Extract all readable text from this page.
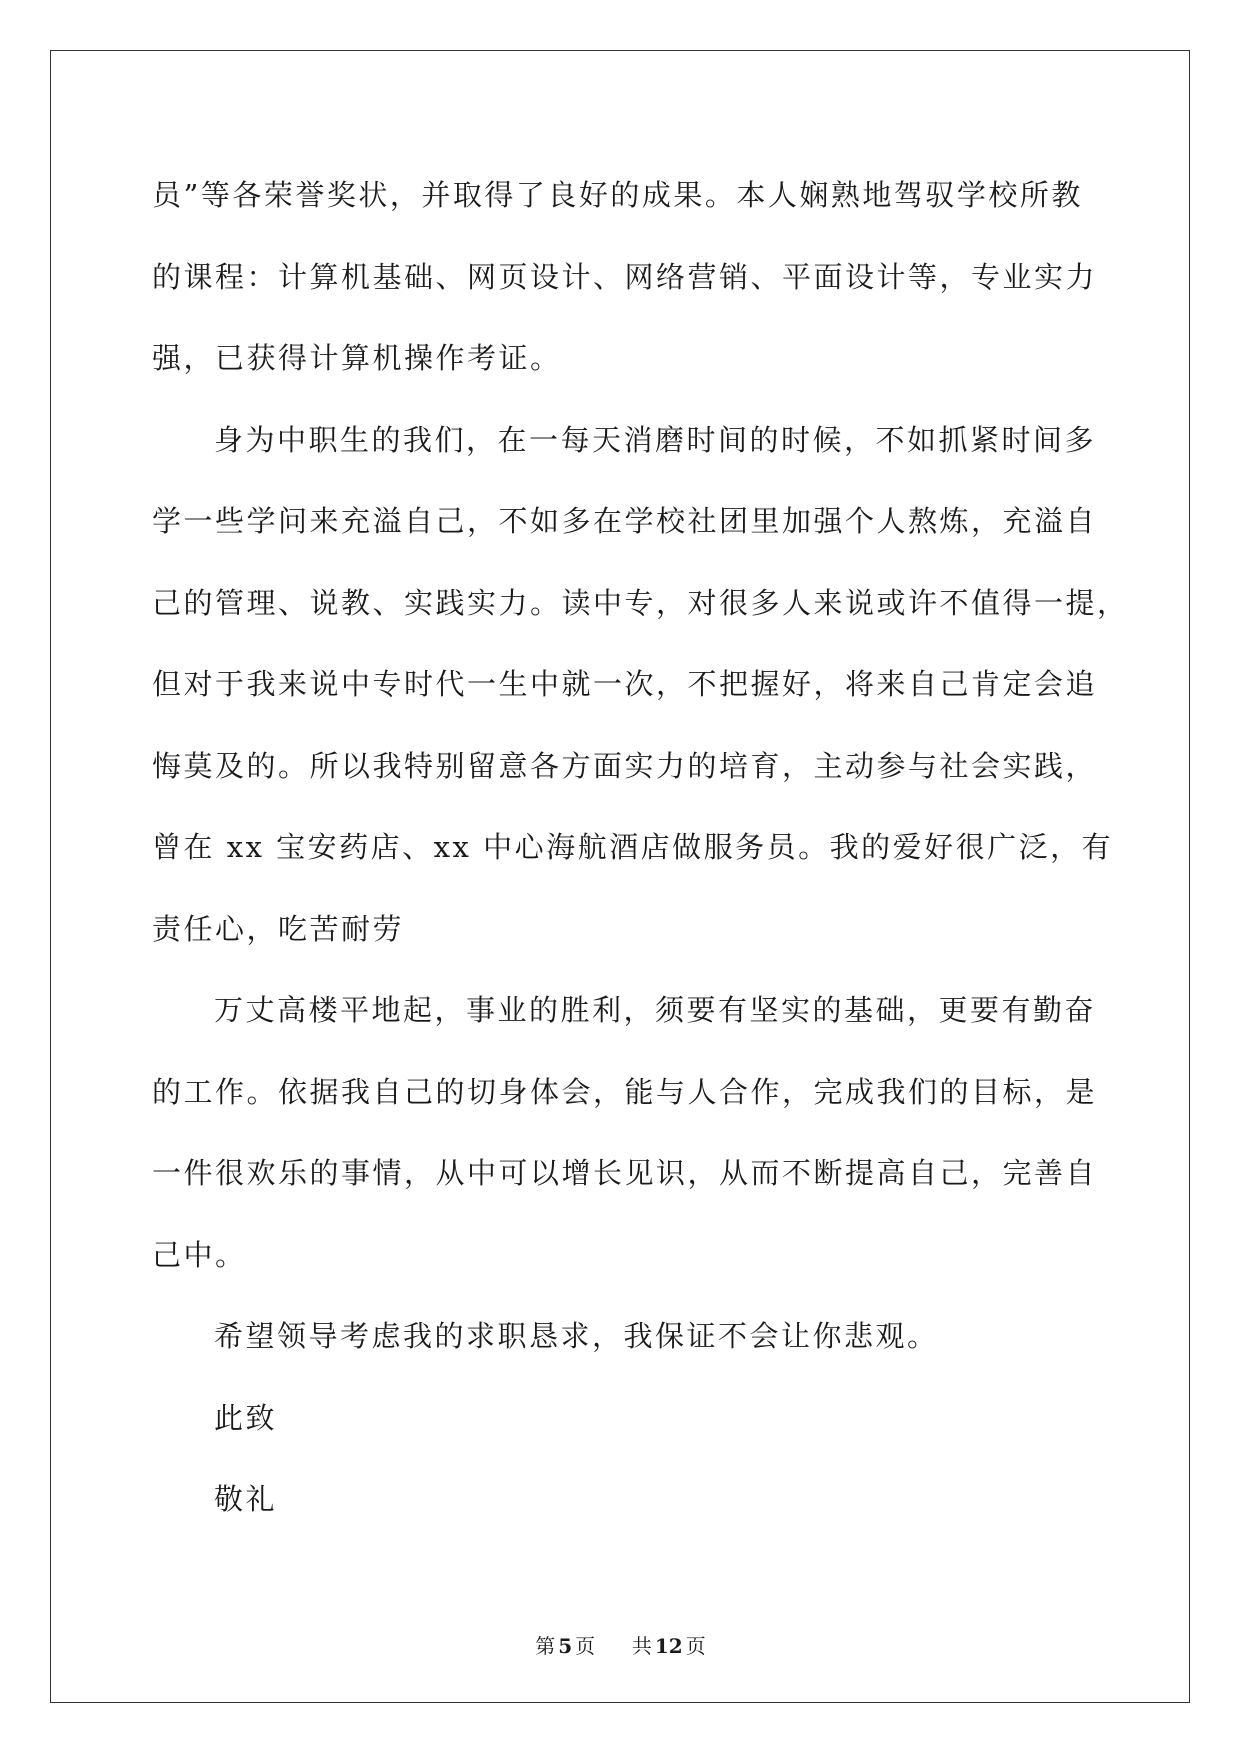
员”等各荣誉奖状，并取得了良好的成果。本人娴熟地驾驭学校所教
的课程：计算机基础、网页设计、网络营销、平面设计等，专业实力
强，已获得计算机操作考证。
身为中职生的我们，在一每天消磨时间的时候，不如抓紧时间多
学一些学问来充溢自己，不如多在学校社团里加强个人熬炼，充溢自
己的管理、说教、实践实力。读中专，对很多人来说或许不值得一提，
但对于我来说中专时代一生中就一次，不把握好，将来自己肯定会追
悔莫及的。所以我特别留意各方面实力的培育，主动参与社会实践，
曾在 xx 宝安药店、xx 中心海航酒店做服务员。我的爱好很广泛，有
责任心，吃苦耐劳
万丈高楼平地起，事业的胜利，须要有坚实的基础，更要有勤奋
的工作。依据我自己的切身体会，能与人合作，完成我们的目标，是
一件很欢乐的事情，从中可以增长见识，从而不断提高自己，完善自
己中。
希望领导考虑我的求职恳求，我保证不会让你悲观。
此致
敬礼
第 5 页 共 12 页
